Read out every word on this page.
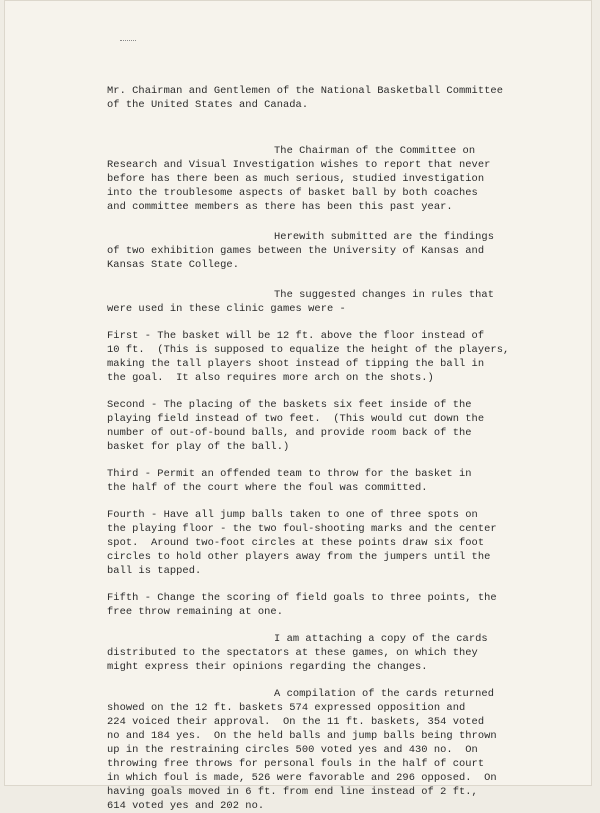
Mr. Chairman and Gentlemen of the National Basketball Committee
of the United States and Canada.
The Chairman of the Committee on
Research and Visual Investigation wishes to report that never
before has there been as much serious, studied investigation
into the troublesome aspects of basket ball by both coaches
and committee members as there has been this past year.
Herewith submitted are the findings
of two exhibition games between the University of Kansas and
Kansas State College.
The suggested changes in rules that
were used in these clinic games were -
First - The basket will be 12 ft. above the floor instead of
10 ft.  (This is supposed to equalize the height of the players,
making the tall players shoot instead of tipping the ball in
the goal.  It also requires more arch on the shots.)
Second - The placing of the baskets six feet inside of the
playing field instead of two feet.  (This would cut down the
number of out-of-bound balls, and provide room back of the
basket for play of the ball.)
Third - Permit an offended team to throw for the basket in
the half of the court where the foul was committed.
Fourth - Have all jump balls taken to one of three spots on
the playing floor - the two foul-shooting marks and the center
spot.  Around two-foot circles at these points draw six foot
circles to hold other players away from the jumpers until the
ball is tapped.
Fifth - Change the scoring of field goals to three points, the
free throw remaining at one.
I am attaching a copy of the cards
distributed to the spectators at these games, on which they
might express their opinions regarding the changes.
A compilation of the cards returned
showed on the 12 ft. baskets 574 expressed opposition and
224 voiced their approval.  On the 11 ft. baskets, 354 voted
no and 184 yes.  On the held balls and jump balls being thrown
up in the restraining circles 500 voted yes and 430 no.  On
throwing free throws for personal fouls in the half of court
in which foul is made, 526 were favorable and 296 opposed.  On
having goals moved in 6 ft. from end line instead of 2 ft.,
614 voted yes and 202 no.
